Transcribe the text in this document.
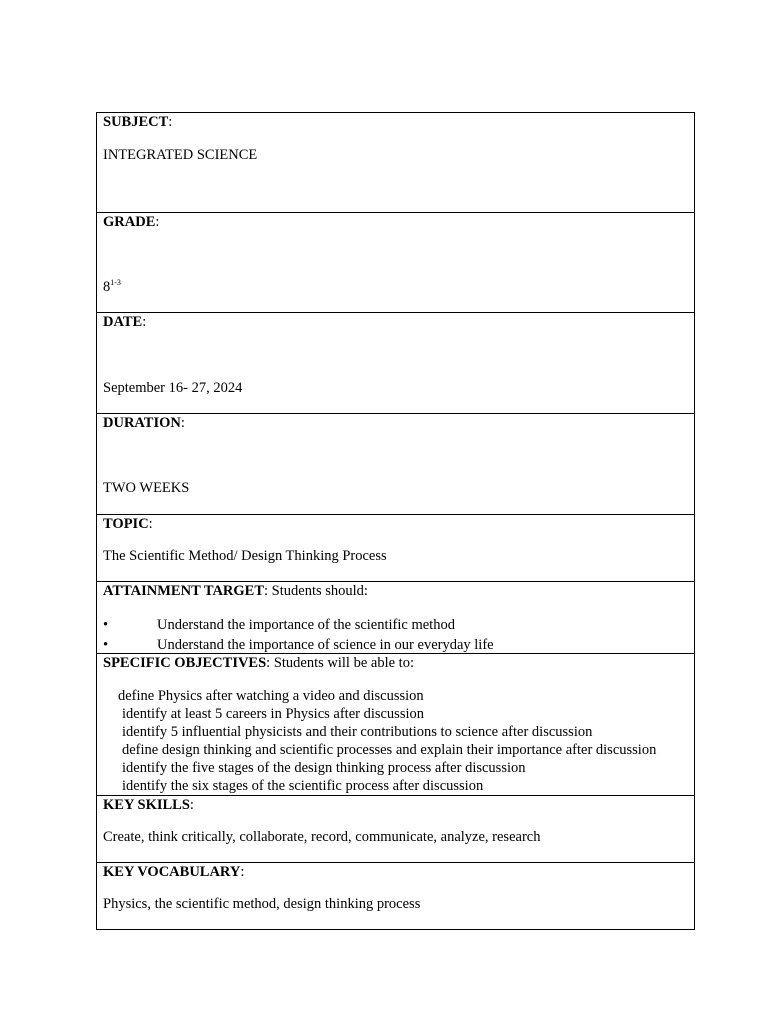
SUBJECT:
INTEGRATED SCIENCE
GRADE:
8$^{1-3}$
DATE:
September 16- 27, 2024
DURATION:
TWO WEEKS
TOPIC:
The Scientific Method/ Design Thinking Process
ATTAINMENT TARGET: Students should:
•	Understand the importance of the scientific method
•	Understand the importance of science in our everyday life
SPECIFIC OBJECTIVES: Students will be able to:
define Physics after watching a video and discussion
identify at least 5 careers in Physics after discussion
identify 5 influential physicists and their contributions to science after discussion
define design thinking and scientific processes and explain their importance after discussion
identify the five stages of the design thinking process after discussion
identify the six stages of the scientific process after discussion
KEY SKILLS:
Create, think critically, collaborate, record, communicate, analyze, research
KEY VOCABULARY:
Physics, the scientific method, design thinking process
